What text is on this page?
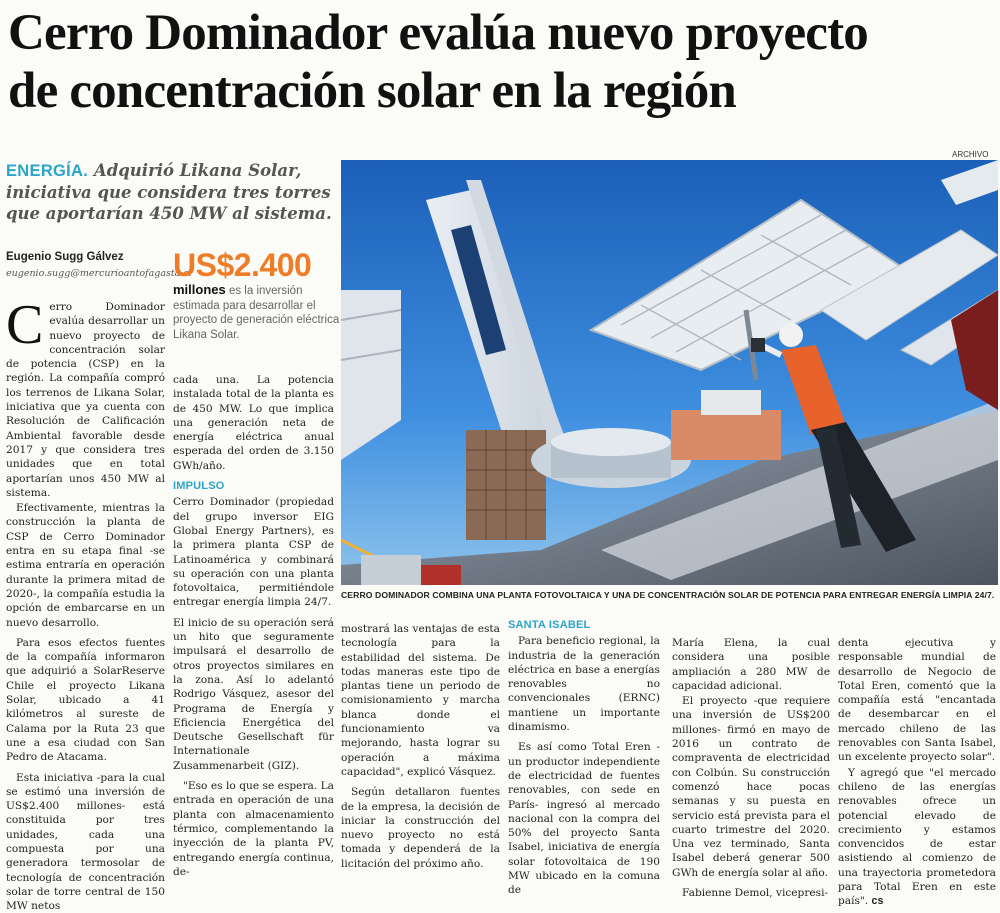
Cerro Dominador evalúa nuevo proyecto
de concentración solar en la región
ENERGÍA. Adquirió Likana Solar, iniciativa que considera tres torres que aportarían 450 MW al sistema.
Eugenio Sugg Gálvez
eugenio.sugg@mercurioantofagasta.cl
US$2.400
millones es la inversión estimada para desarrollar el proyecto de generación eléctrica Likana Solar.

Cerro Dominador evalúa desarrollar un nuevo proyecto de concentración solar de potencia (CSP) en la región. La compañía compró los terrenos de Likana Solar, iniciativa que ya cuenta con Resolución de Calificación Ambiental favorable desde 2017 y que considera tres unidades que en total aportarían unos 450 MW al sistema.

Efectivamente, mientras la construcción la planta de CSP de Cerro Dominador entra en su etapa final -se estima entraría en operación durante la primera mitad de 2020-, la compañía estudia la opción de embarcarse en un nuevo desarrollo.

Para esos efectos fuentes de la compañía informaron que adquirió a SolarReserve Chile el proyecto Likana Solar, ubicado a 41 kilómetros al sureste de Calama por la Ruta 23 que une a esa ciudad con San Pedro de Atacama.

Esta iniciativa -para la cual se estimó una inversión de US$2.400 millones- está constituida por tres unidades, cada una compuesta por una generadora termosolar de tecnología de concentración solar de torre central de 150 MW netos

cada una. La potencia instalada total de la planta es de 450 MW. Lo que implica una generación neta de energía eléctrica anual esperada del orden de 3.150 GWh/año.

IMPULSO

Cerro Dominador (propiedad del grupo inversor EIG Global Energy Partners), es la primera planta CSP de Latinoamérica y combinará su operación con una planta fotovoltaica, permitiéndole entregar energía limpia 24/7.

El inicio de su operación será un hito que seguramente impulsará el desarrollo de otros proyectos similares en la zona. Así lo adelantó Rodrigo Vásquez, asesor del Programa de Energía y Eficiencia Energética del Deutsche Gesellschaft für Internationale Zusammenarbeit (GIZ).

"Eso es lo que se espera. La entrada en operación de una planta con almacenamiento térmico, complementando la inyección de la planta PV, entregando energía continua, de-

ARCHIVO
CERRO DOMINADOR COMBINA UNA PLANTA FOTOVOLTAICA Y UNA DE CONCENTRACIÓN SOLAR DE POTENCIA PARA ENTREGAR ENERGÍA LIMPIA 24/7.

mostrará las ventajas de esta tecnología para la estabilidad del sistema. De todas maneras este tipo de plantas tiene un periodo de comisionamiento y marcha blanca donde el funcionamiento va mejorando, hasta lograr su operación a máxima capacidad", explicó Vásquez.

Según detallaron fuentes de la empresa, la decisión de iniciar la construcción del nuevo proyecto no está tomada y dependerá de la licitación del próximo año.

SANTA ISABEL

Para beneficio regional, la industria de la generación eléctrica en base a energías renovables no convencionales (ERNC) mantiene un importante dinamismo.

Es así como Total Eren -un productor independiente de electricidad de fuentes renovables, con sede en París- ingresó al mercado nacional con la compra del 50% del proyecto Santa Isabel, iniciativa de energía solar fotovoltaica de 190 MW ubicado en la comuna de

María Elena, la cual considera una posible ampliación a 280 MW de capacidad adicional.

El proyecto -que requiere una inversión de US$200 millones- firmó en mayo de 2016 un contrato de compraventa de electricidad con Colbún. Su construcción comenzó hace pocas semanas y su puesta en servicio está prevista para el cuarto trimestre del 2020. Una vez terminado, Santa Isabel deberá generar 500 GWh de energía solar al año.

Fabienne Demol, vicepresi-

denta ejecutiva y responsable mundial de desarrollo de Negocio de Total Eren, comentó que la compañía está "encantada de desembarcar en el mercado chileno de las renovables con Santa Isabel, un excelente proyecto solar".

Y agregó que "el mercado chileno de las energías renovables ofrece un potencial elevado de crecimiento y estamos convencidos de estar asistiendo al comienzo de una trayectoria prometedora para Total Eren en este país". cs
